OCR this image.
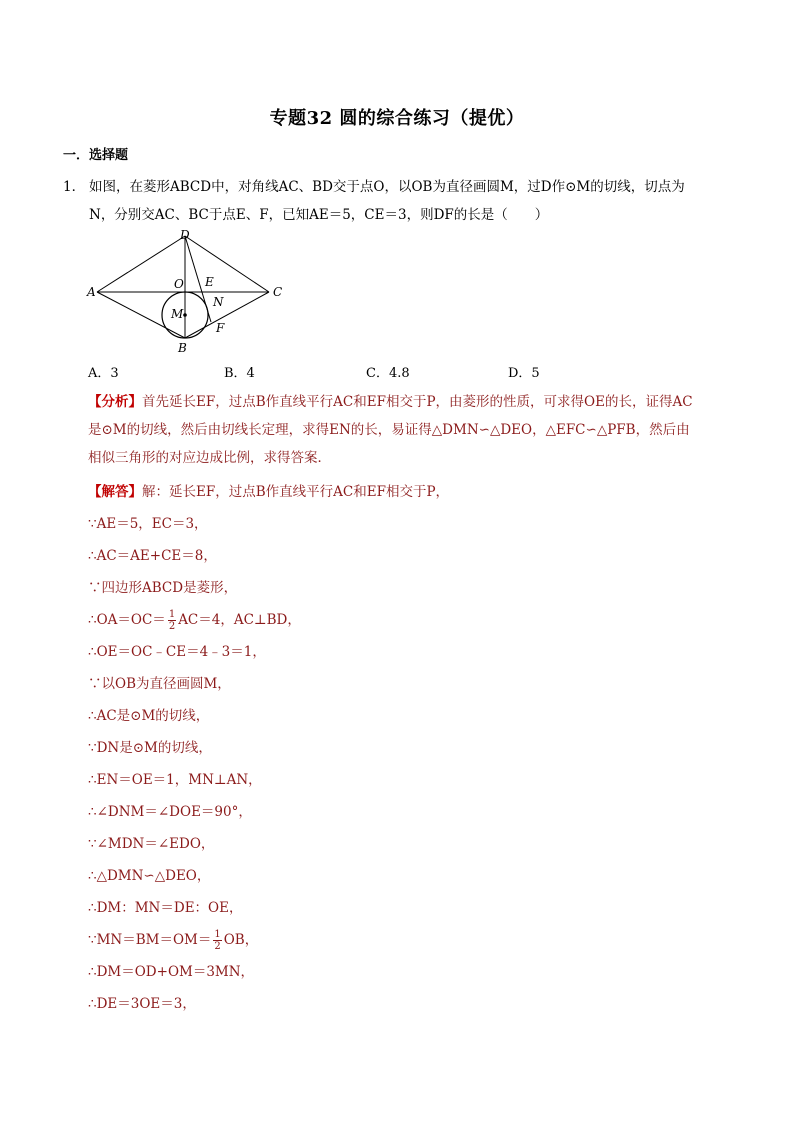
专题32 圆的综合练习（提优）
一．选择题
1． 如图，在菱形ABCD中，对角线AC、BD交于点O，以OB为直径画圆M，过D作⊙M的切线，切点为
N，分别交AC、BC于点E、F，已知AE＝5，CE＝3，则DF的长是（　　）
D
A	C
O E
N
M
F
B
A．3	B．4	C．4.8	D．5
【分析】首先延长EF，过点B作直线平行AC和EF相交于P，由菱形的性质，可求得OE的长，证得AC
是⊙M的切线，然后由切线长定理，求得EN的长，易证得△DMN∽△DEO，△EFC∽△PFB，然后由
相似三角形的对应边成比例，求得答案．
【解答】解：延长EF，过点B作直线平行AC和EF相交于P，
∵AE＝5，EC＝3，
∴AC＝AE+CE＝8，
∵四边形ABCD是菱形，
∴OA＝OC＝ $\frac{1}{2} AC=4$，AC⊥BD，
∴OE＝OC﹣CE＝4﹣3＝1，
∵以OB为直径画圆M，
∴AC是⊙M的切线，
∵DN是⊙M的切线，
∴EN＝OE＝1，MN⊥AN，
∴∠DNM＝∠DOE＝90°，
∵∠MDN＝∠EDO，
∴△DMN∽△DEO，
∴DM：MN＝DE：OE，
∵MN＝BM＝OM＝ $\frac{1}{2}$ OB，
∴DM＝OD+OM＝3MN，
∴DE＝3OE＝3，
